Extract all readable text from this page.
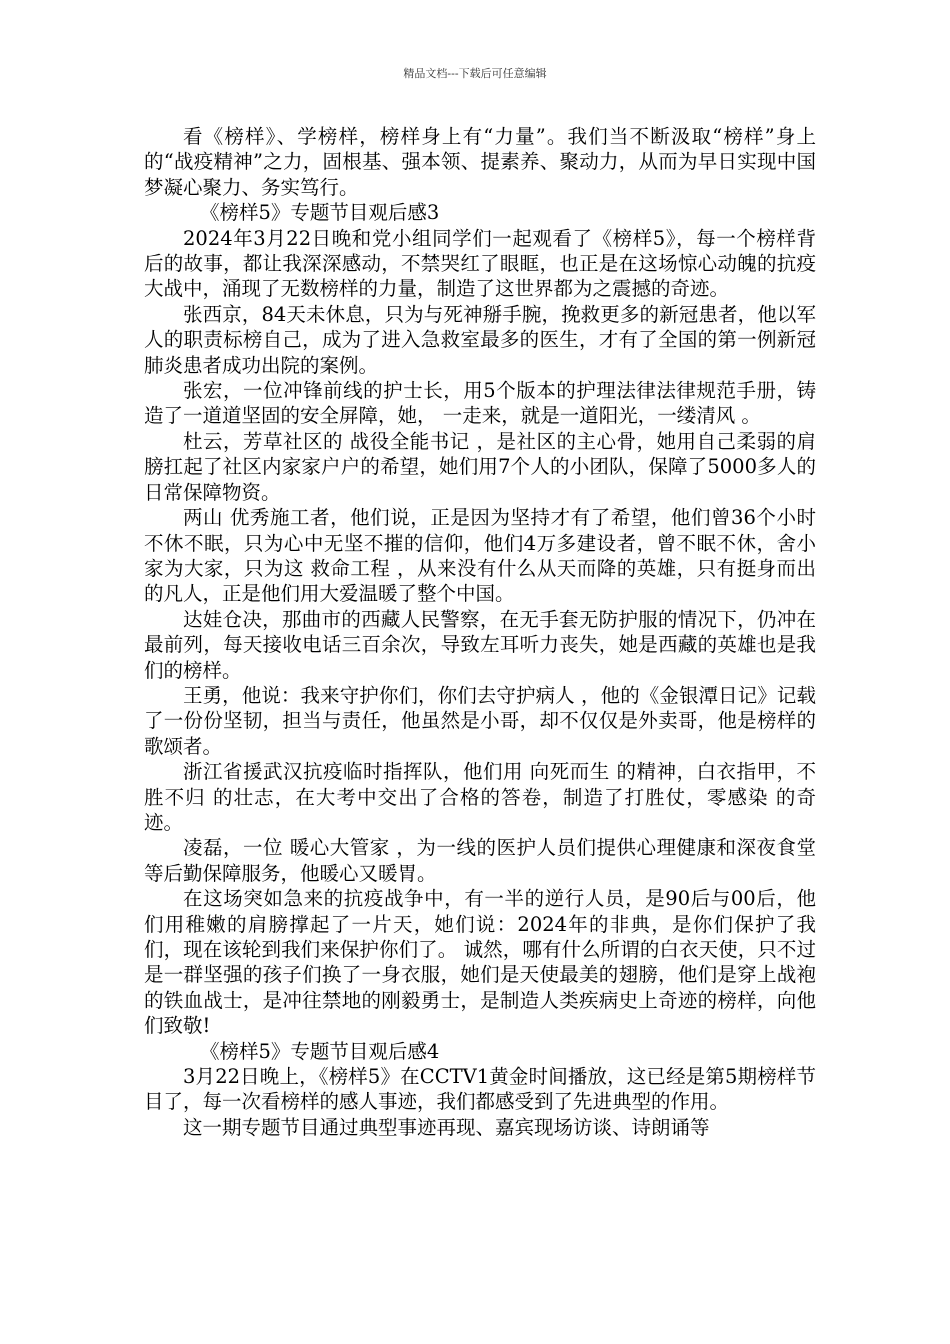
精品文档---下载后可任意编辑

看《榜样》、学榜样，榜样身上有“力量”。我们当不断汲取“榜样”身上的“战疫精神”之力，固根基、强本领、提素养、聚动力，从而为早日实现中国梦凝心聚力、务实笃行。

《榜样5》专题节目观后感3

2024年3月22日晚和党小组同学们一起观看了《榜样5》，每一个榜样背后的故事，都让我深深感动，不禁哭红了眼眶，也正是在这场惊心动魄的抗疫大战中，涌现了无数榜样的力量，制造了这世界都为之震撼的奇迹。

张西京，84天未休息，只为与死神掰手腕，挽救更多的新冠患者，他以军人的职责标榜自己，成为了进入急救室最多的医生，才有了全国的第一例新冠肺炎患者成功出院的案例。

张宏，一位冲锋前线的护士长，用5个版本的护理法律法律规范手册，铸造了一道道坚固的安全屏障，她， 一走来，就是一道阳光，一缕清风 。

杜云，芳草社区的 战役全能书记 ，是社区的主心骨，她用自己柔弱的肩膀扛起了社区内家家户户的希望，她们用7个人的小团队，保障了5000多人的日常保障物资。

两山 优秀施工者，他们说，正是因为坚持才有了希望，他们曾36个小时不休不眠，只为心中无坚不摧的信仰，他们4万多建设者，曾不眠不休，舍小家为大家，只为这 救命工程 ，从来没有什么从天而降的英雄，只有挺身而出的凡人，正是他们用大爱温暖了整个中国。

达娃仓决，那曲市的西藏人民警察，在无手套无防护服的情况下，仍冲在最前列，每天接收电话三百余次，导致左耳听力丧失，她是西藏的英雄也是我们的榜样。

王勇，他说：我来守护你们，你们去守护病人 ，他的《金银潭日记》记载了一份份坚韧，担当与责任，他虽然是小哥，却不仅仅是外卖哥，他是榜样的歌颂者。

浙江省援武汉抗疫临时指挥队，他们用 向死而生 的精神，白衣指甲，不胜不归 的壮志，在大考中交出了合格的答卷，制造了打胜仗，零感染 的奇迹。

凌磊，一位 暖心大管家 ，为一线的医护人员们提供心理健康和深夜食堂等后勤保障服务，他暖心又暖胃。

在这场突如急来的抗疫战争中，有一半的逆行人员，是90后与00后，他们用稚嫩的肩膀撑起了一片天，她们说：2024年的非典，是你们保护了我们，现在该轮到我们来保护你们了。 诚然，哪有什么所谓的白衣天使，只不过是一群坚强的孩子们换了一身衣服，她们是天使最美的翅膀，他们是穿上战袍的铁血战士，是冲往禁地的刚毅勇士，是制造人类疾病史上奇迹的榜样，向他们致敬!

《榜样5》专题节目观后感4

3月22日晚上，《榜样5》在CCTV1黄金时间播放，这已经是第5期榜样节目了，每一次看榜样的感人事迹，我们都感受到了先进典型的作用。

这一期专题节目通过典型事迹再现、嘉宾现场访谈、诗朗诵等
